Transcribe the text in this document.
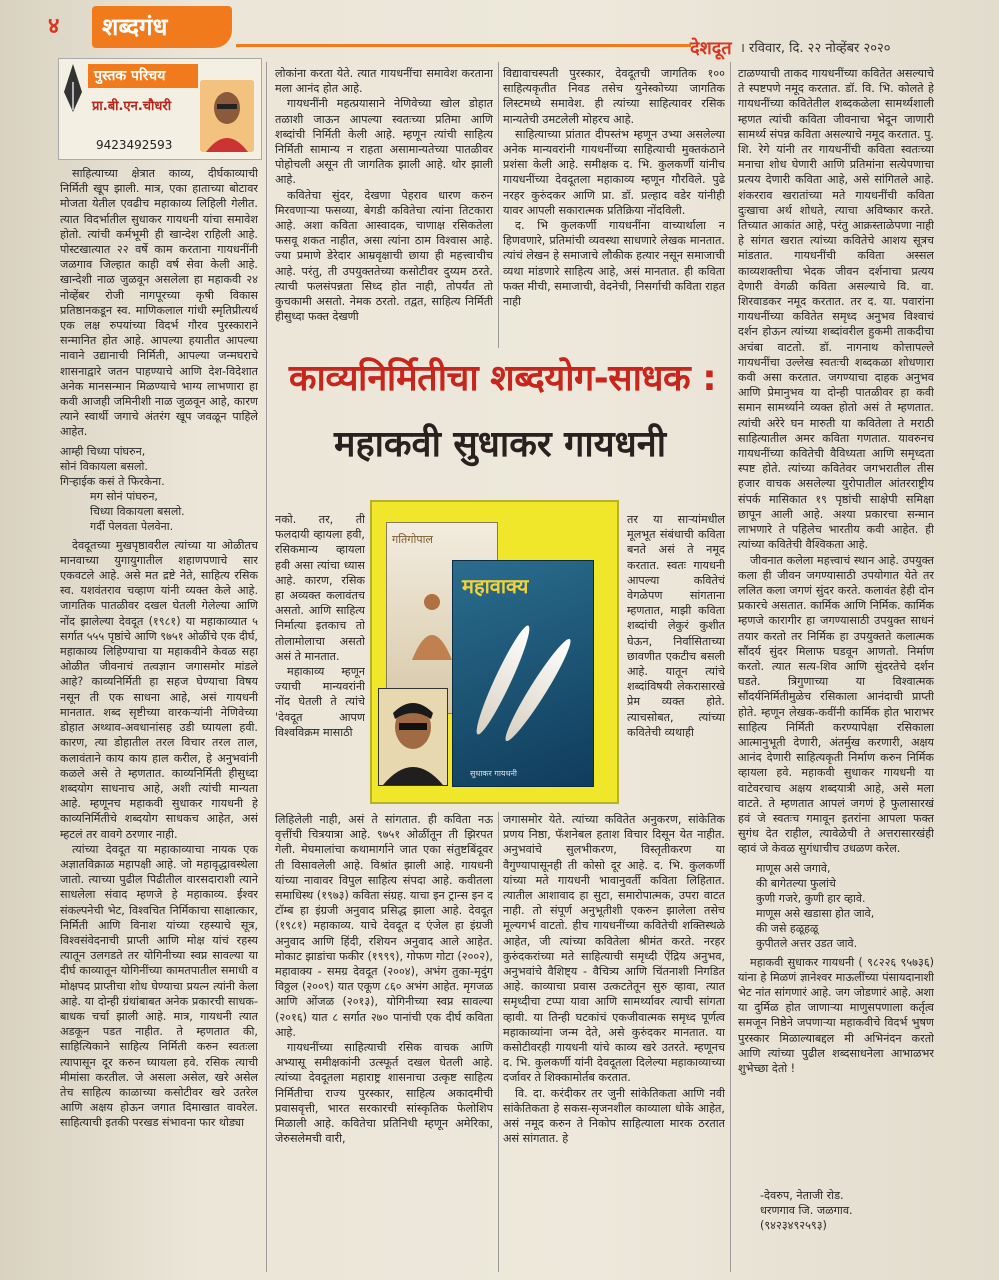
४	शब्दगंध
देशदूत । रविवार, दि. २२ नोव्हेंबर २०२०
पुस्तक परिचय
प्रा.बी.एन.चौधरी
9423492593

साहित्याच्या क्षेत्रात काव्य, दीर्घकाव्याची निर्मिती खूप झाली. मात्र, एका हाताच्या बोटावर मोजता येतील एवढीच महाकाव्य लिहिली गेलीत. त्यात विदर्भातील सुधाकर गायधनी यांचा समावेश होतो. त्यांची कर्मभूमी ही खान्देश राहिली आहे. पोस्टखात्यात २२ वर्षे काम करताना गायधनींनी जळगाव जिल्हात काही वर्ष सेवा केली आहे. खान्देशी नाळ जुळवून असलेला हा महाकवी २४ नोव्हेंबर रोजी नागपूरच्या कृषी विकास प्रतिष्ठानकडून स्व. माणिकलाल गांधी स्मृतिप्रीत्यर्थ एक लक्ष रुपयांच्या विदर्भ गौरव पुरस्काराने सन्मानित होत आहे. आपल्या हयातीत आपल्या नावाने उद्यानाची निर्मिती, आपल्या जन्मघराचे शासनाद्वारे जतन पाहण्याचे आणि देश-विदेशात अनेक मानसन्मान मिळण्याचे भाग्य लाभणारा हा कवी आजही जमिनीशी नाळ जुळवून आहे, कारण त्याने स्वार्थी जगाचे अंतरंग खूप जवळून पाहिले आहेत.

आम्ही चिध्या पांघरुन,
सोनं विकायला बसलो.
गिऱ्हाईक कसं ते फिरकेना.
मग सोनं पांघरुन,
चिध्या विकायला बसलो.
गर्दी पेलवता पेलवेना.

देवदूतच्या मुखपृष्ठावरील त्यांच्या या ओळीतच मानवाच्या युगायुगातील शहाणपणाचे सार एकवटले आहे. असे मत द्रष्टे नेते, साहित्य रसिक स्व. यशवंतराव चव्हाण यांनी व्यक्त केले आहे. जागतिक पातळीवर दखल घेतली गेलेल्या आणि नोंद झालेल्या देवदूत (१९८१) या महाकाव्यात ५ सर्गात ५५५ पृष्ठांचे आणि ९७५१ ओळींचे एक दीर्घ, महाकाव्य लिहिण्याचा या महाकवीने केवळ सहा ओळीत जीवनाचं तत्वज्ञान जगासमोर मांडले आहे? काव्यनिर्मिती हा सहज घेण्याचा विषय नसून ती एक साधना आहे, असं गायधनी मानतात. शब्द सृष्टीच्या वारकऱ्यांनी नेणिवेच्या डोहात अथ्थाव-अवधानांसह उडी घ्यायला हवी. कारण, त्या डोहातील तरल विचार तरल ताल, कलावंताने काय काय हाल करील, हे अनुभवांनी कळले असे ते म्हणतात. काव्यनिर्मिती हीसुध्दा शब्दयोग साधनाच आहे, अशी त्यांची मान्यता आहे. म्हणूनच महाकवी सुधाकर गायधनी हे काव्यनिर्मितीचे शब्दयोग साधकच आहेत, असं म्हटलं तर वावगे ठरणार नाही.

त्यांच्या देवदूत या महाकाव्याचा नायक एक अज्ञातविक्राळ महापक्षी आहे. जो महावृद्धावस्थेला जातो. त्याच्या पुढील पिढीतील वारसदाराशी त्याने साधलेला संवाद म्हणजे हे महाकाव्य. ईश्वर संकल्पनेची भेट, विश्वचित निर्मिकाचा साक्षात्कार, निर्मिती आणि विनाश यांच्या रहस्याचे सूत्र, विश्वसंवेदनाची प्राप्ती आणि मोक्ष यांचं रहस्य त्यातून उलगडते तर योगिनीच्या स्वप्न सावल्या या दीर्घ काव्यातून योगिनींच्या कामतपातील समाधी व मोक्षपद प्राप्तीचा शोध घेण्याचा प्रयत्न त्यांनी केला आहे. या दोन्ही ग्रंथांबाबत अनेक प्रकारची साधक-बाधक चर्चा झाली आहे. मात्र, गायधनी त्यात अडकून पडत नाहीत. ते म्हणतात की, साहित्यिकाने साहित्य निर्मिती करुन स्वतःला त्यापासून दूर करुन घ्यायला हवे. रसिक त्याची मीमांसा करतील. जे असला असेल, खरे असेल तेच साहित्य काळाच्या कसोटीवर खरे उतरेल आणि अक्षय होऊन जगात दिमाखात वावरेल. साहित्याची इतकी परखड संभावना फार थोड्या

लोकांना करता येते. त्यात गायधनींचा समावेश करताना मला आनंद होत आहे.

गायधनींनी महत्प्रयासाने नेणिवेच्या खोल डोहात तळाशी जाऊन आपल्या स्वतःच्या प्रतिमा आणि शब्दांची निर्मिती केली आहे. म्हणून त्यांची साहित्य निर्मिती सामान्य न राहता असामान्यतेच्या पातळीवर पोहोचली असून ती जागतिक झाली आहे. थोर झाली आहे.

कवितेचा सुंदर, देखणा पेहराव धारण करुन मिरवणाऱ्या फसव्या, बेगडी कवितेचा त्यांना तिटकारा आहे. अशा कविता आस्वादक, चाणाक्ष रसिकतेला फसवू शकत नाहीत, असा त्यांना ठाम विश्वास आहे. ज्या प्रमाणे डेरेदार आम्रवृक्षाची छाया ही महत्त्वाचीच आहे. परंतु, ती उपयुक्ततेच्या कसोटीवर दुय्यम ठरते. त्याची फलसंपन्नता सिध्द होत नाही, तोपर्यंत तो कुचकामी असतो. नेमक ठरतो. तद्वत, साहित्य निर्मिती हीसुध्दा फक्त देखणी

विद्यावाचस्पती पुरस्कार, देवदूतची जागतिक १०० साहित्यकृतीत निवड तसेच युनेस्कोच्या जागतिक लिस्टमध्ये समावेश. ही त्यांच्या साहित्यावर रसिक मान्यतेची उमटलेली मोहरच आहे.

साहित्याच्या प्रांतात दीपस्तंभ म्हणून उभ्या असलेल्या अनेक मान्यवरांनी गायधनींच्या साहित्याची मुक्तकंठाने प्रशंसा केली आहे. समीक्षक द. भि. कुलकर्णी यांनीच गायधनींच्या देवदूतला महाकाव्य म्हणून गौरविले. पुढे नरहर कुरुंदकर आणि प्रा. डॉ. प्रल्हाद वडेर यांनीही यावर आपली सकारात्मक प्रतिक्रिया नोंदविली.

द. भि कुलकर्णी गायधनींना वाच्यार्थाला न हिणवणारे, प्रतिमांची व्यवस्था साधणारे लेखक मानतात. त्यांचं लेखन हे समाजाचे लौकीक हत्यार नसून समाजाची व्यथा मांडणारे साहित्य आहे, असं मानतात. ही कविता फक्त मीची, समाजाची, वेदनेची, निसर्गाची कविता राहत नाही

काव्यनिर्मितीचा शब्दयोग-साधक :
महाकवी सुधाकर गायधनी

नको. तर, ती फलदायी व्हायला हवी, रसिकमान्य व्हायला हवी असा त्यांचा ध्यास आहे. कारण, रसिक हा अव्यक्त कलावंतच असतो. आणि साहित्य निर्मात्या इतकाच तो तोलामोलाचा असतो असं ते मानतात.

महाकाव्य म्हणून ज्याची मान्यवरांनी नोंद घेतली ते त्यांचे 'देवदूत आपण विश्वविक्रम मासाठी

गतिगोपाल
महावाक्य
सुधाकर गायधनी

तर या साऱ्यांमधील मूलभूत संबंधाची कविता बनते असं ते नमूद करतात. स्वतः गायधनी आपल्या कवितेचं वेगळेपण सांगताना म्हणतात, माझी कविता शब्दांची लेकुरं कुशीत घेऊन, निर्वासिताच्या छावणीत एकटीच बसली आहे. यातून त्यांचे शब्दांविषयी लेकरासारखे प्रेम व्यक्त होते. त्याचसोबत, त्यांच्या कवितेची व्यथाही

लिहिलेली नाही, असं ते सांगतात. ही कविता नऊ वृत्तींची चित्रयात्रा आहे. ९७५१ ओळींतून ती झिरपत गेली. मेघमालांचा कथामार्गाने जात एका संतुष्टबिंदूवर ती विसावलेली आहे. विश्रांत झाली आहे. गायधनी यांच्या नावावर विपुल साहित्य संपदा आहे. कवीतला समाधिस्थ (१९७३) कविता संग्रह. याचा इन ट्रान्स इन द टॉम्ब हा इंग्रजी अनुवाद प्रसिद्ध झाला आहे. देवदूत (१९८१) महाकाव्य. याचे देवदूत द एंजेल हा इंग्रजी अनुवाद आणि हिंदी, रशियन अनुवाद आले आहेत. मोकाट झाडांचा फकीर (१९९९), गोफण गोटा (२००२), महावाक्य - समग्र देवदूत (२००४), अभंग तुका-मृदुंग विठ्ठल (२००९) यात एकूण ८६० अभंग आहेत. मृगजळ आणि ओंजळ (२०१३), योगिनीच्या स्वप्न सावल्या (२०१६) यात ८ सर्गात २७० पानांची एक दीर्घ कविता आहे.

गायधनींच्या साहित्याची रसिक वाचक आणि अभ्यासू समीक्षकांनी उत्स्फूर्त दखल घेतली आहे. त्यांच्या देवदूतला महाराष्ट्र शासनाचा उत्कृष्ट साहित्य निर्मितीचा राज्य पुरस्कार, साहित्य अकादमीची प्रवासवृत्ती, भारत सरकारची सांस्कृतिक फेलोशिप मिळाली आहे. कवितेचा प्रतिनिधी म्हणून अमेरिका, जेरुसलेमची वारी,

जगासमोर येते. त्यांच्या कवितेत अनुकरण, सांकेतिक प्रणय निष्ठा, फॅशनेबल हताश विचार दिसून येत नाहीत. अनुभवांचे सुलभीकरण, विस्तृतीकरण या वैगुण्यापासूनही ती कोसो दूर आहे. द. भि. कुलकर्णी यांच्या मते गायधनी भावानुवर्ती कविता लिहितात. त्यातील आशावाद हा सुटा, समारोपात्मक, उपरा वाटत नाही. तो संपूर्ण अनुभूतीशी एकरुन झालेला तसेच मूल्यगर्भ वाटतो. हीच गायधनींच्या कवितेची शक्तिस्थळे आहेत, जी त्यांच्या कवितेला श्रीमंत करते. नरहर कुरुंदकरांच्या मते साहित्याची समृध्दी ऐंद्रिय अनुभव, अनुभवांचे वैशिष्ट्य - वैचित्र्य आणि चिंतनाशी निगडित आहे. काव्याचा प्रवास उत्कटतेतून सुरु व्हावा, त्यात समृध्दीचा टप्पा यावा आणि सामर्थ्यावर त्याची सांगता व्हावी. या तिन्ही घटकांचं एकजीवात्मक समृध्द पूर्णत्व महाकाव्यांना जन्म देते, असे कुरुंदकर मानतात. या कसोटीवरही गायधनी यांचे काव्य खरे उतरते. म्हणूनच द. भि. कुलकर्णी यांनी देवदूतला दिलेल्या महाकाव्याच्या दर्जावर ते शिक्कामोर्तब करतात.

वि. दा. करंदीकर तर जुनी सांकेतिकता आणि नवी सांकेतिकता हे सकस-सृजनशील काव्याला धोके आहेत, असं नमूद करुन ते निकोप साहित्याला मारक ठरतात असं सांगतात. हे

टाळण्याची ताकद गायधनींच्या कवितेत असल्याचे ते स्पष्टपणे नमूद करतात. डॉ. वि. भि. कोलते हे गायधनींच्या कवितेतील शब्दकळेला सामर्थ्यशाली म्हणत त्यांची कविता जीवनाचा भेदून जाणारी सामर्थ्य संपन्न कविता असल्याचे नमूद करतात. पु. शि. रेगे यांनी तर गायधनींची कविता स्वतःच्या मनाचा शोध घेणारी आणि प्रतिमांना सत्येपणाचा प्रत्यय देणारी कविता आहे, असे सांगितले आहे. शंकरराव खरातांच्या मते गायधनींची कविता दुःखाचा अर्थ शोधते, त्याचा अविष्कार करते. तिच्यात आकांत आहे, परंतु आक्रस्ताळेपणा नाही हे सांगत खरात त्यांच्या कवितेचे आशय सूत्रच मांडतात. गायधनींची कविता अस्सल काव्यशक्तीचा भेदक जीवन दर्शनाचा प्रत्यय देणारी वेगळी कविता असल्याचे वि. वा. शिरवाडकर नमूद करतात. तर द. या. पवारांना गायधनींच्या कवितेत समृध्द अनुभव विश्वाचं दर्शन होऊन त्यांच्या शब्दांवरील हुकमी ताकदीचा अचंबा वाटतो. डॉ. नागनाथ कोत्तापल्ले गायधनींचा उल्लेख स्वतःची शब्दकळा शोधणारा कवी असा करतात. जगण्याचा दाहक अनुभव आणि प्रेमानुभव या दोन्ही पातळीवर हा कवी समान सामर्थ्याने व्यक्त होतो असं ते म्हणतात. त्यांची अरेरे घन मारुती या कवितेला ते मराठी साहित्यातील अमर कविता गणतात. यावरुनच गायधनींच्या कवितेची वैविध्यता आणि समृध्दता स्पष्ट होते. त्यांच्या कवितेवर जगभरातील तीस हजार वाचक असलेल्या युरोपातील आंतरराष्ट्रीय संपर्क मासिकात १९ पृष्ठांची साक्षेपी समिक्षा छापून आली आहे. अश्या प्रकारचा सन्मान लाभणारे ते पहिलेच भारतीय कवी आहेत. ही त्यांच्या कवितेची वैश्विकता आहे.

जीवनात कलेला महत्त्वाचं स्थान आहे. उपयुक्त कला ही जीवन जगण्यासाठी उपयोगात येते तर ललित कला जगणं सुंदर करते. कलावंत हेही दोन प्रकारचे असतात. कार्मिक आणि निर्मिक. कार्मिक म्हणजे कारागीर हा जगण्यासाठी उपयुक्त साधनं तयार करतो तर निर्मिक हा उपयुक्तते कलात्मक सौंदर्य सुंदर मिलाफ घडवून आणतो. निर्माण करतो. त्यात सत्य-शिव आणि सुंदरतेचे दर्शन घडते. त्रिगुणाच्या या विश्वात्मक सौंदर्यनिर्मितीमुळेच रसिकाला आनंदाची प्राप्ती होते. म्हणून लेखक-कवींनी कार्मिक होत भाराभर साहित्य निर्मिती करण्यापेक्षा रसिकाला आत्मानुभूती देणारी, अंतर्मुख करणारी, अक्षय आनंद देणारी साहित्यकृती निर्माण करुन निर्मिक व्हायला हवे. महाकवी सुधाकर गायधनी या वाटेवरचाच अक्षय शब्दयात्री आहे, असे मला वाटते. ते म्हणतात आपलं जगणं हे फुलासारखं हवं जे स्वतःच गमावून इतरांना आपला फक्त सुगंध देत राहील, त्यावेळेची ते अत्तरासारखंही व्हावं जे केवळ सुगंधाचीच उधळण करेल.

माणूस असे जगावे,
की बागेतल्या फुलांचे
कुणी गजरे, कुणी हार व्हावे.
माणूस असे खडासा होत जावे,
की जसे हळूहळू
कुपीतले अत्तर उडत जावे.

महाकवी सुधाकर गायधनी ( ९८२२६ ९५७३६) यांना हे मिळणं ज्ञानेश्वर माऊलींच्या पंसायदानाशी भेट नांत सांगणारं आहे. जग जोडणारं आहे. अशा या दुर्मिळ होत जाणाऱ्या माणुसपणाला कर्तृत्व समजून निष्ठेने जपणाऱ्या महाकवीचे विदर्भ भुषण पुरस्कार मिळाल्याबद्दल मी अभिनंदन करतो आणि त्यांच्या पुढील शब्दसाधनेला आभाळभर शुभेच्छा देतो !

-देवरुप, नेताजी रोड.
धरणगाव जि. जळगाव.
(९४२३४९२५९३)
